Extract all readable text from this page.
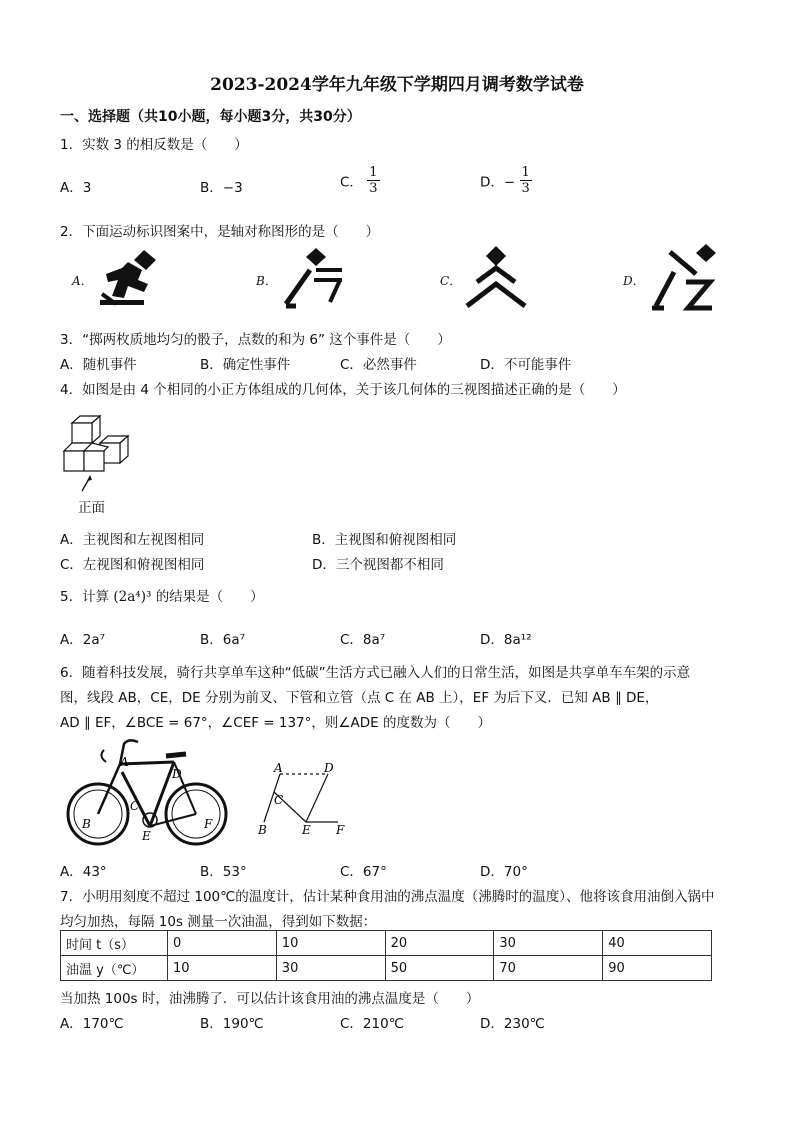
2023-2024学年九年级下学期四月调考数学试卷
一、选择题（共10小题，每小题3分，共30分）
1．实数 3 的相反数是（　　）
A．3	B．−3	C． $\frac{1}{3}$	D．− $\frac{1}{3}$
2．下面运动标识图案中，是轴对称图形的是（　　）
A．	B．	C．	D．
3．“掷两枚质地均匀的骰子，点数的和为 6” 这个事件是（　　）
A．随机事件	B．确定性事件	C．必然事件	D．不可能事件
4．如图是由 4 个相同的小正方体组成的几何体，关于该几何体的三视图描述正确的是（　　）
正面
A．主视图和左视图相同	B．主视图和俯视图相同
C．左视图和俯视图相同	D．三个视图都不相同
5．计算 (2a⁴)³ 的结果是（　　）
A．2a⁷	B．6a⁷	C．8a⁷	D．8a¹²
6．随着科技发展，骑行共享单车这种“低碳”生活方式已融入人们的日常生活，如图是共享单车车架的示意
图，线段 AB，CE，DE 分别为前叉、下管和立管（点 C 在 AB 上），EF 为后下叉．已知 AB ∥ DE，
AD ∥ EF，∠BCE = 67°，∠CEF = 137°，则∠ADE 的度数为（　　）
A
D
C
B
E
F
A	D
C
B	E F
A．43°	B．53°	C．67°	D．70°
7．小明用刻度不超过 100℃的温度计，估计某种食用油的沸点温度（沸腾时的温度）、他将该食用油倒入锅中
均匀加热，每隔 10s 测量一次油温，得到如下数据：
时间 t（s）	0	10	20	30	40
油温 y（℃）	10	30	50	70	90
当加热 100s 时，油沸腾了．可以估计该食用油的沸点温度是（　　）
A．170℃	B．190℃	C．210℃	D．230℃
